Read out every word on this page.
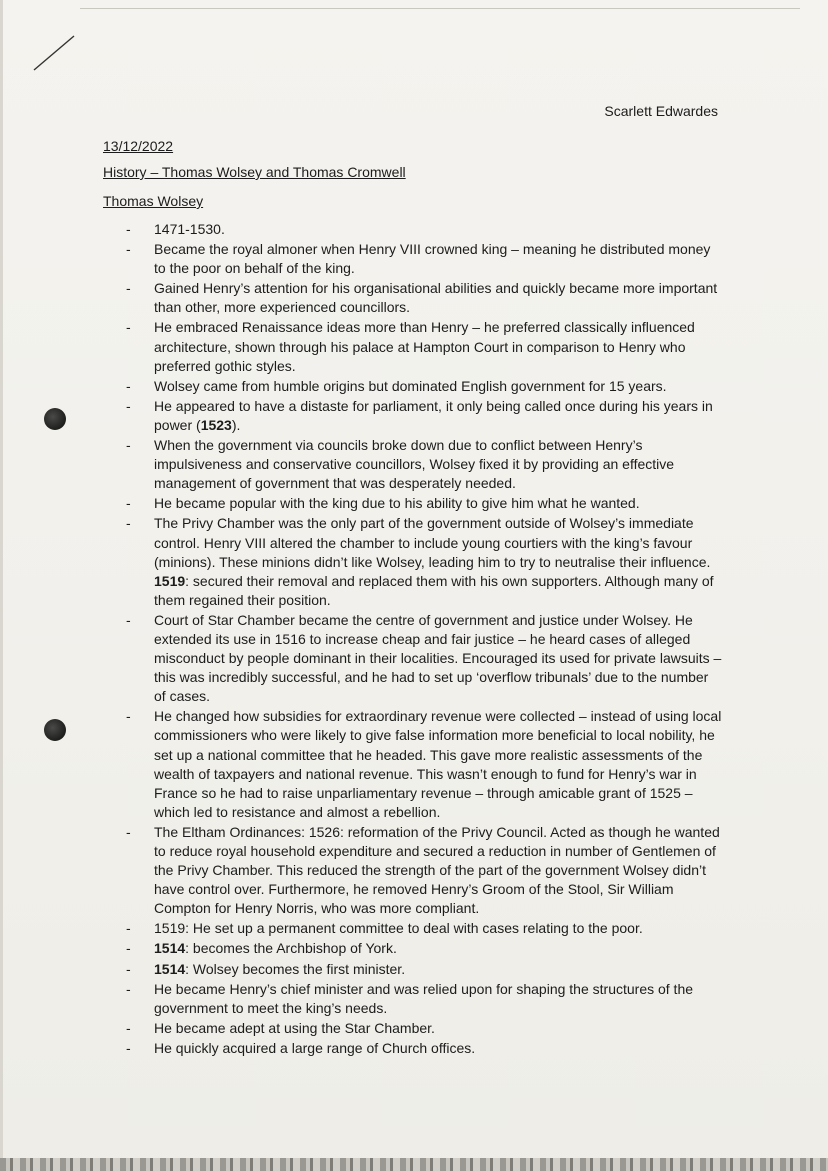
Scarlett Edwardes
13/12/2022
History – Thomas Wolsey and Thomas Cromwell
Thomas Wolsey
- 1471-1530.
- Became the royal almoner when Henry VIII crowned king – meaning he distributed money to the poor on behalf of the king.
- Gained Henry’s attention for his organisational abilities and quickly became more important than other, more experienced councillors.
- He embraced Renaissance ideas more than Henry – he preferred classically influenced architecture, shown through his palace at Hampton Court in comparison to Henry who preferred gothic styles.
- Wolsey came from humble origins but dominated English government for 15 years.
- He appeared to have a distaste for parliament, it only being called once during his years in power (1523).
- When the government via councils broke down due to conflict between Henry’s impulsiveness and conservative councillors, Wolsey fixed it by providing an effective management of government that was desperately needed.
- He became popular with the king due to his ability to give him what he wanted.
- The Privy Chamber was the only part of the government outside of Wolsey’s immediate control. Henry VIII altered the chamber to include young courtiers with the king’s favour (minions). These minions didn’t like Wolsey, leading him to try to neutralise their influence. 1519: secured their removal and replaced them with his own supporters. Although many of them regained their position.
- Court of Star Chamber became the centre of government and justice under Wolsey. He extended its use in 1516 to increase cheap and fair justice – he heard cases of alleged misconduct by people dominant in their localities. Encouraged its used for private lawsuits – this was incredibly successful, and he had to set up ‘overflow tribunals’ due to the number of cases.
- He changed how subsidies for extraordinary revenue were collected – instead of using local commissioners who were likely to give false information more beneficial to local nobility, he set up a national committee that he headed. This gave more realistic assessments of the wealth of taxpayers and national revenue. This wasn’t enough to fund for Henry’s war in France so he had to raise unparliamentary revenue – through amicable grant of 1525 – which led to resistance and almost a rebellion.
- The Eltham Ordinances: 1526: reformation of the Privy Council. Acted as though he wanted to reduce royal household expenditure and secured a reduction in number of Gentlemen of the Privy Chamber. This reduced the strength of the part of the government Wolsey didn’t have control over. Furthermore, he removed Henry’s Groom of the Stool, Sir William Compton for Henry Norris, who was more compliant.
- 1519: He set up a permanent committee to deal with cases relating to the poor.
- 1514: becomes the Archbishop of York.
- 1514: Wolsey becomes the first minister.
- He became Henry’s chief minister and was relied upon for shaping the structures of the government to meet the king’s needs.
- He became adept at using the Star Chamber.
- He quickly acquired a large range of Church offices.
